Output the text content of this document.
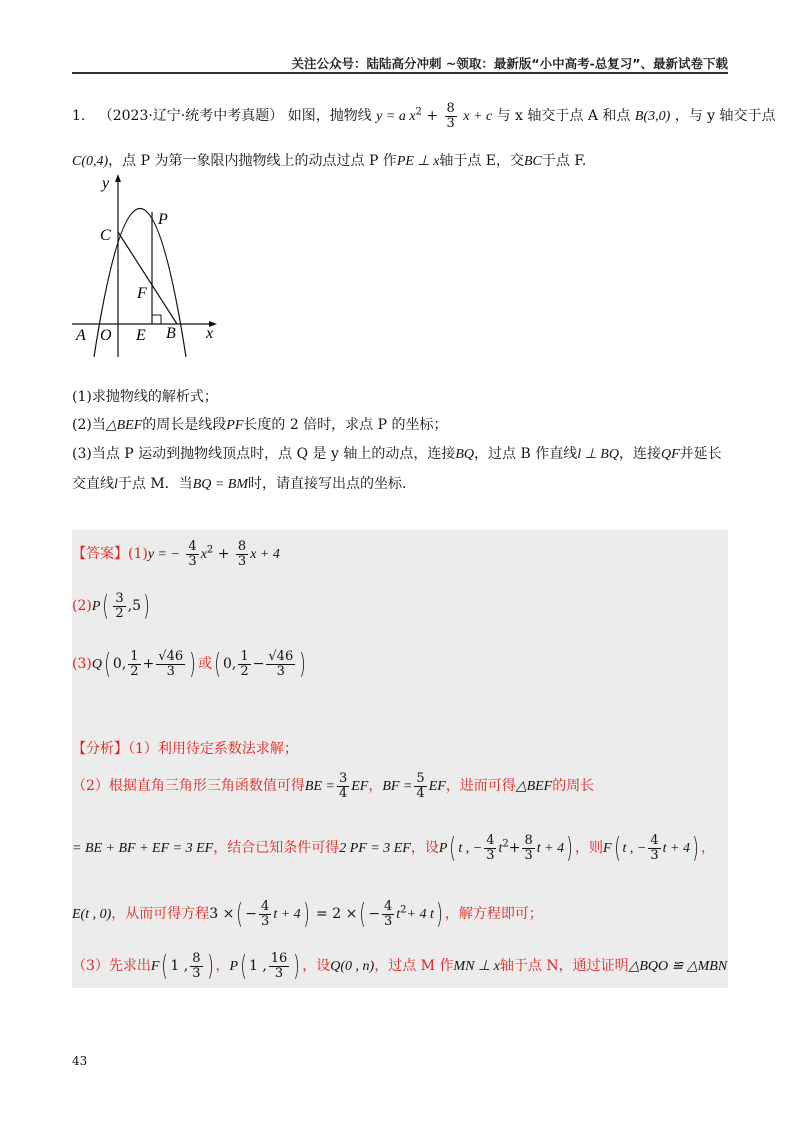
关注公众号：陆陆高分冲刺 ~领取：最新版“小中高考-总复习”、最新试卷下载
1. （2023·辽宁·统考中考真题） 如图，抛物线 y = a $x^2 + \frac{8}{3}$ x + c 与 x 轴交于点 A 和点 B(3,0) ，与 y 轴交于点
C(0,4)，点 P 为第一象限内抛物线上的动点过点 P 作PE ⊥ x轴于点 E，交BC于点 F.
y
x
C
P
F
A O E B
(1)求抛物线的解析式；
(2)当△BEF的周长是线段PF长度的 2 倍时，求点 P 的坐标；
(3)当点 P 运动到抛物线顶点时，点 Q 是 y 轴上的动点，连接BQ，过点 B 作直线l ⊥ BQ，连接QF并延长
交直线l于点 M．当BQ = BM时，请直接写出点的坐标.
【答案】(1)y = − $\frac{4}{3} x^2 + \frac{8}{3}$ x + 4
$(2)P( \frac{3}{2} ,5)$
(3)Q( 0, $\frac{1}{2} + \frac{√46}{3}$ ) 或( 0, $\frac{1}{2} - \frac{√46}{3}$ )
【分析】（1）利用待定系数法求解；
（2）根据直角三角形三角函数值可得BE = $\frac{3}{4}$ EF，BF = $\frac{5}{4}$ EF，进而可得△BEF的周长
= BE + BF + EF = 3 EF，结合已知条件可得2 PF = 3 EF，设P( t , − $\frac{4}{3} t^2+ \frac{8}{3}$ t + 4) ，则F( t , − $\frac{4}{3}$ t + 4) ，
E(t , 0)，从而可得方程3 ×( − $\frac{4}{3}$ t + 4) = 2 ×( − $\frac{4}{3} t^2+ 4$ t) ，解方程即可；
（3）先求出F( 1 , $\frac{8}{3}$ ) ，P( 1 , $\frac{16}{3}$ ) ，设Q(0 , n)，过点 M 作MN ⊥ x轴于点 N，通过证明△BQO ≌ △MBN
43
